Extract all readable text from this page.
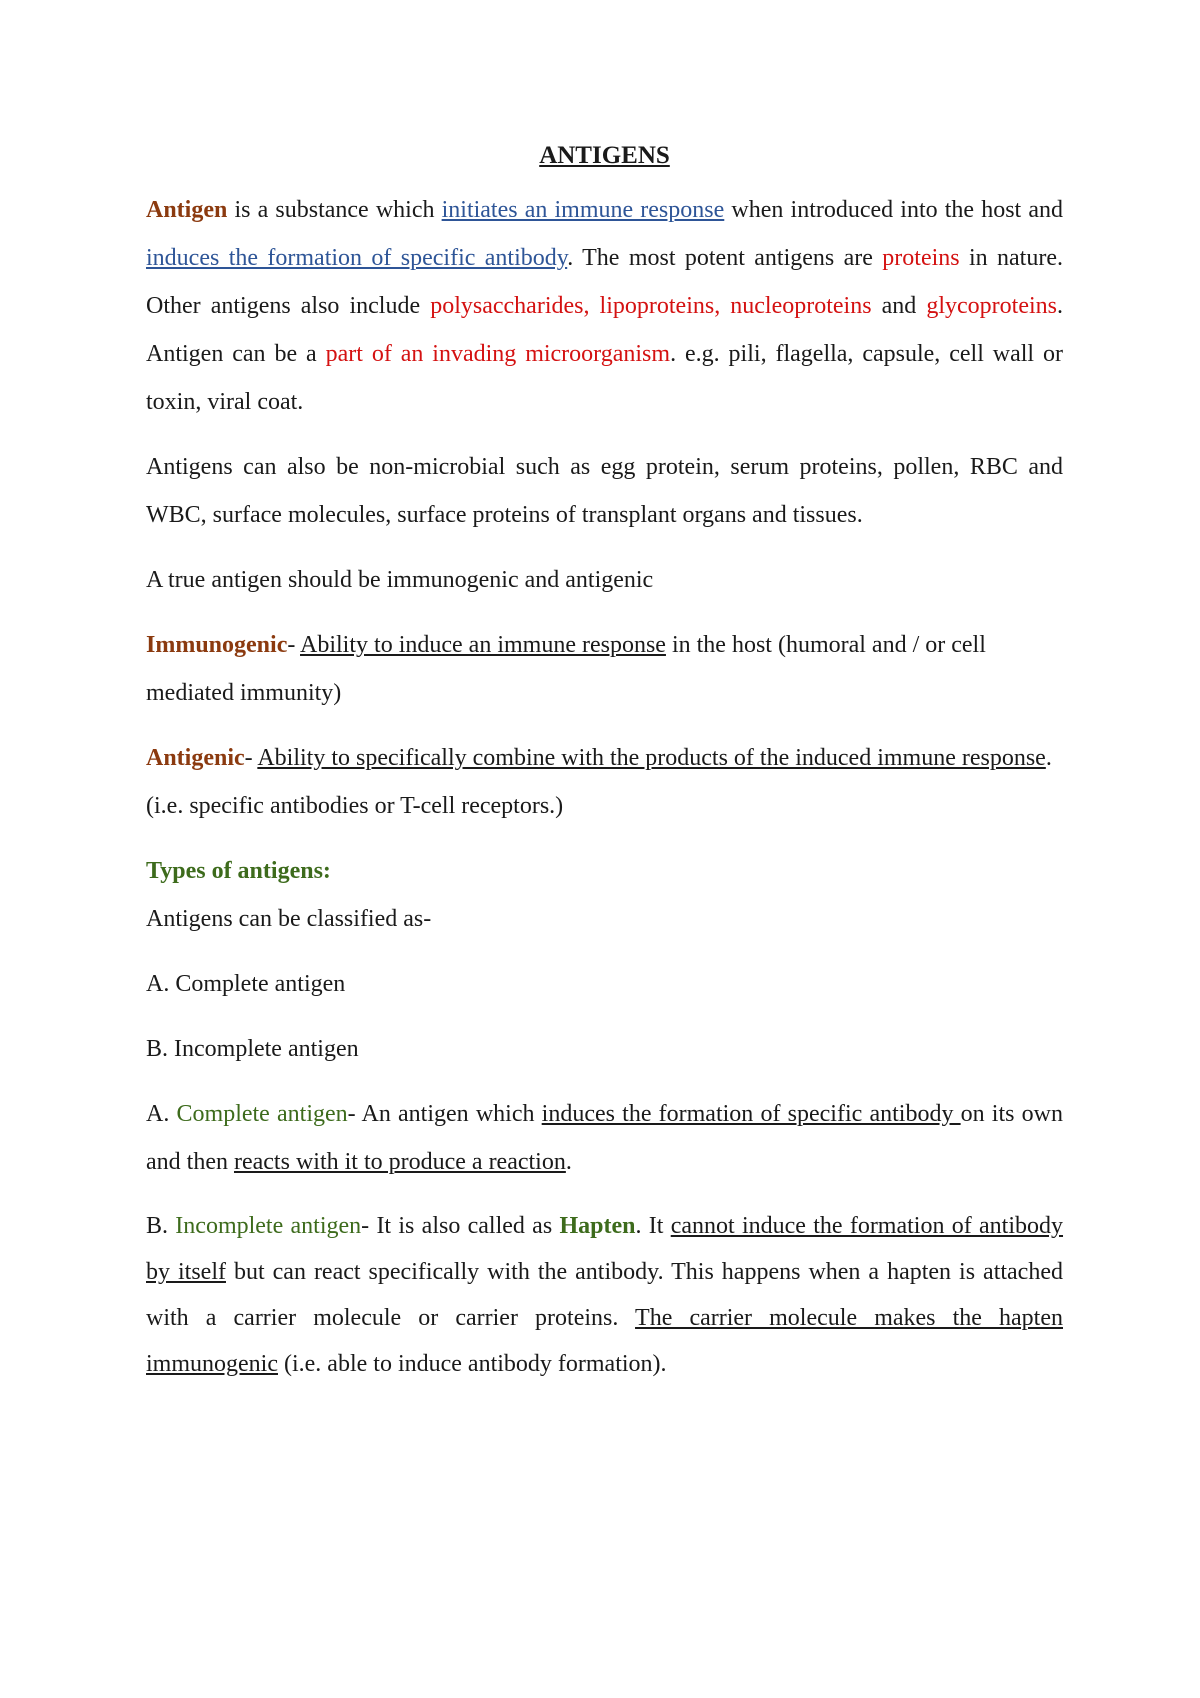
ANTIGENS

Antigen is a substance which initiates an immune response when introduced into the host and induces the formation of specific antibody. The most potent antigens are proteins in nature. Other antigens also include polysaccharides, lipoproteins, nucleoproteins and glycoproteins. Antigen can be a part of an invading microorganism. e.g. pili, flagella, capsule, cell wall or toxin, viral coat.

Antigens can also be non-microbial such as egg protein, serum proteins, pollen, RBC and WBC, surface molecules, surface proteins of transplant organs and tissues.

A true antigen should be immunogenic and antigenic

Immunogenic- Ability to induce an immune response in the host (humoral and / or cell mediated immunity)

Antigenic- Ability to specifically combine with the products of the induced immune response. (i.e. specific antibodies or T-cell receptors.)

Types of antigens:

Antigens can be classified as-

A. Complete antigen

B. Incomplete antigen

A. Complete antigen- An antigen which induces the formation of specific antibody on its own and then reacts with it to produce a reaction.

B. Incomplete antigen- It is also called as Hapten. It cannot induce the formation of antibody by itself but can react specifically with the antibody. This happens when a hapten is attached with a carrier molecule or carrier proteins. The carrier molecule makes the hapten immunogenic (i.e. able to induce antibody formation).
